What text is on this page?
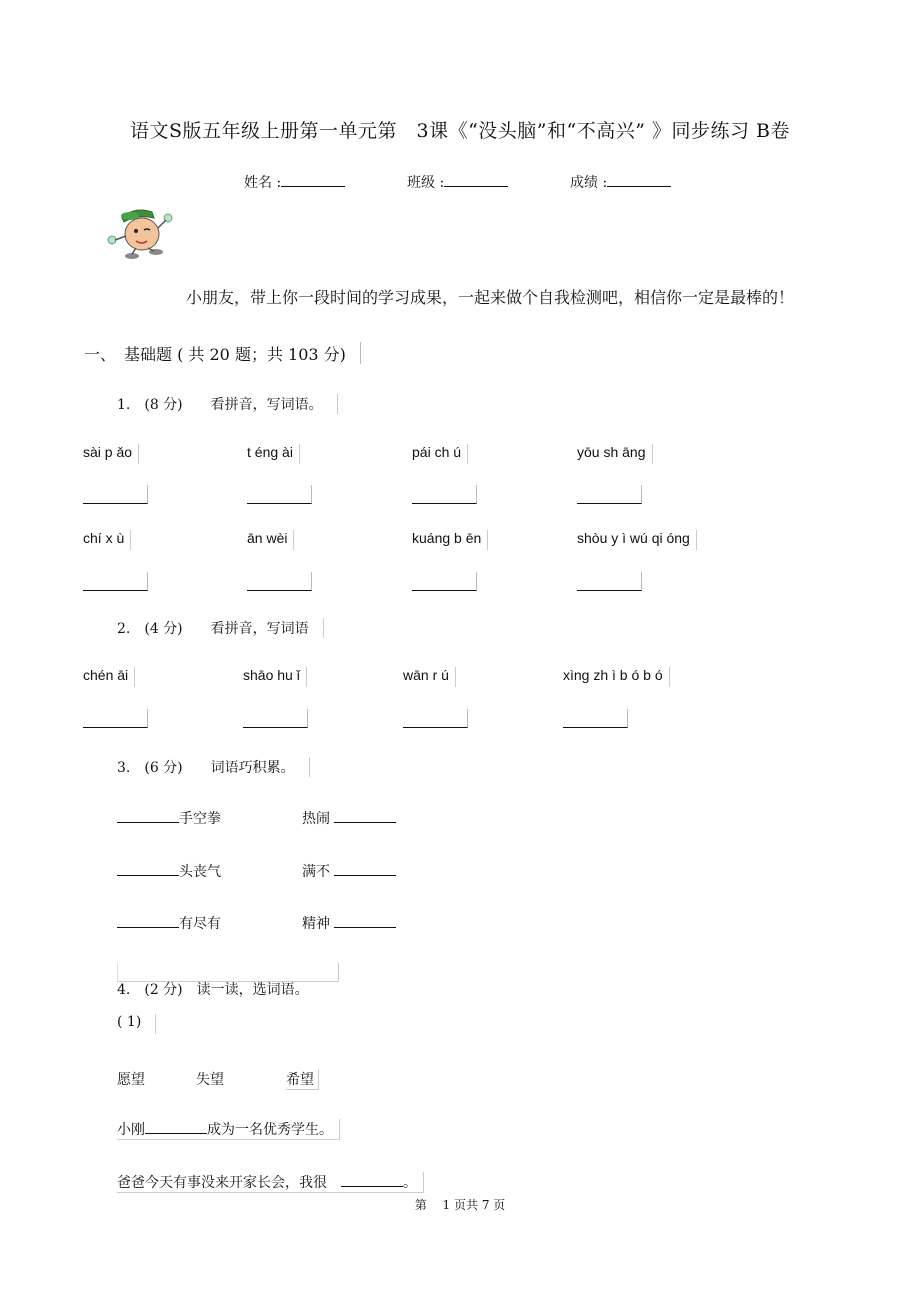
语文S版五年级上册第一单元第　3课《“没头脑”和“不高兴” 》同步练习 B卷
姓名 :	班级 :	成绩 :
小朋友，带上你一段时间的学习成果，一起来做个自我检测吧，相信你一定是最棒的！
一、　基础题 ( 共 20 题；共 103 分)
1.　(8 分)　　看拼音，写词语。
sài p ǎo	t éng ài	pái ch ú	yōu sh āng
chí x ù	ān wèi	kuáng b ēn	shòu y ì wú qi óng
2.　(4 分)　　看拼音，写词语
chén āi	shāo hu ǐ	wān r ú	xìng zh ì b ó b ó
3.　(6 分)　　词语巧积累。
手空拳	热闹
头丧气	满不
有尽有	精神
4.　(2 分)　读一读，选词语。
( 1)
愿望	失望	希望
小刚	成为一名优秀学生。
爸爸今天有事没来开家长会，我很　	。
第　 1 页共 7 页
